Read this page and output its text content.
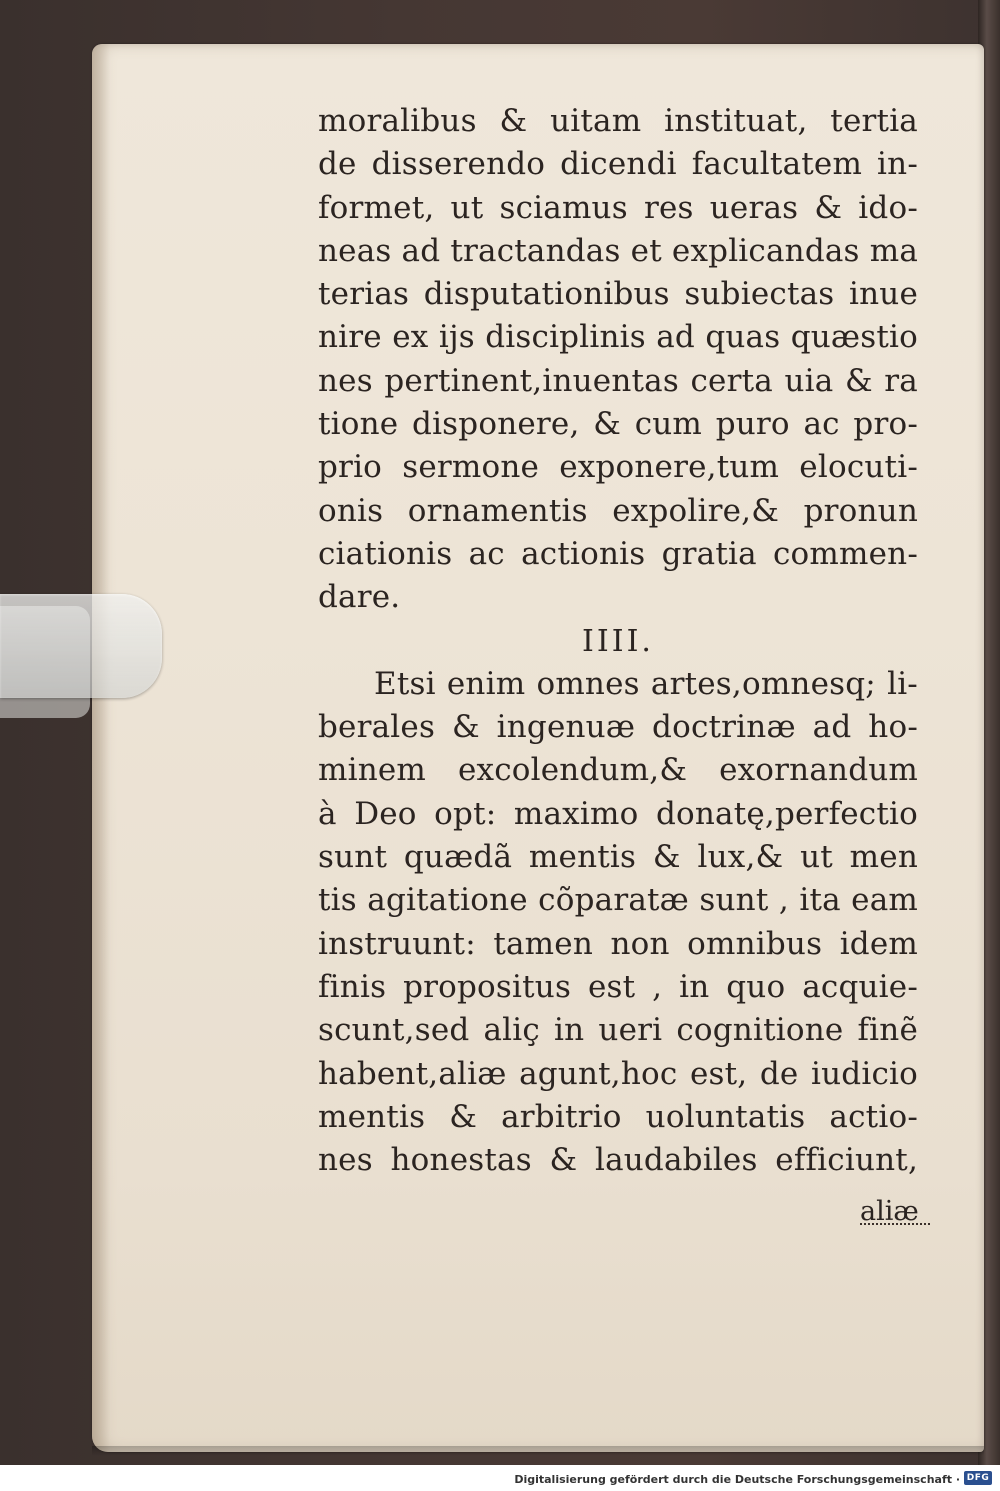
moralibus & uitam instituat, tertia
de disserendo dicendi facultatem in‐
formet, ut sciamus res ueras & ido‐
neas ad tractandas et explicandas ma
terias disputationibus subiectas inue
nire ex ijs disciplinis ad quas quæstio
nes pertinent,inuentas certa uia & ra
tione disponere, & cum puro ac pro‐
prio sermone exponere,tum elocuti‐
onis ornamentis expolire,& pronun
ciationis ac actionis gratia commen‐
dare.
IIII.
Etsi enim omnes artes,omnesq; li‐
berales & ingenuæ doctrinæ ad ho‐
minem excolendum,& exornandum
à Deo opt: maximo donatę,perfectio
sunt quædã mentis & lux,& ut men
tis agitatione cõparatæ sunt , ita eam
instruunt: tamen non omnibus idem
finis propositus est , in quo acquie‐
scunt,sed aliç in ueri cognitione finẽ
habent,aliæ agunt,hoc est, de iudicio
mentis & arbitrio uoluntatis actio‐
nes honestas & laudabiles efficiunt,
aliæ
Digitalisierung gefördert durch die Deutsche Forschungsgemeinschaft · DFG
